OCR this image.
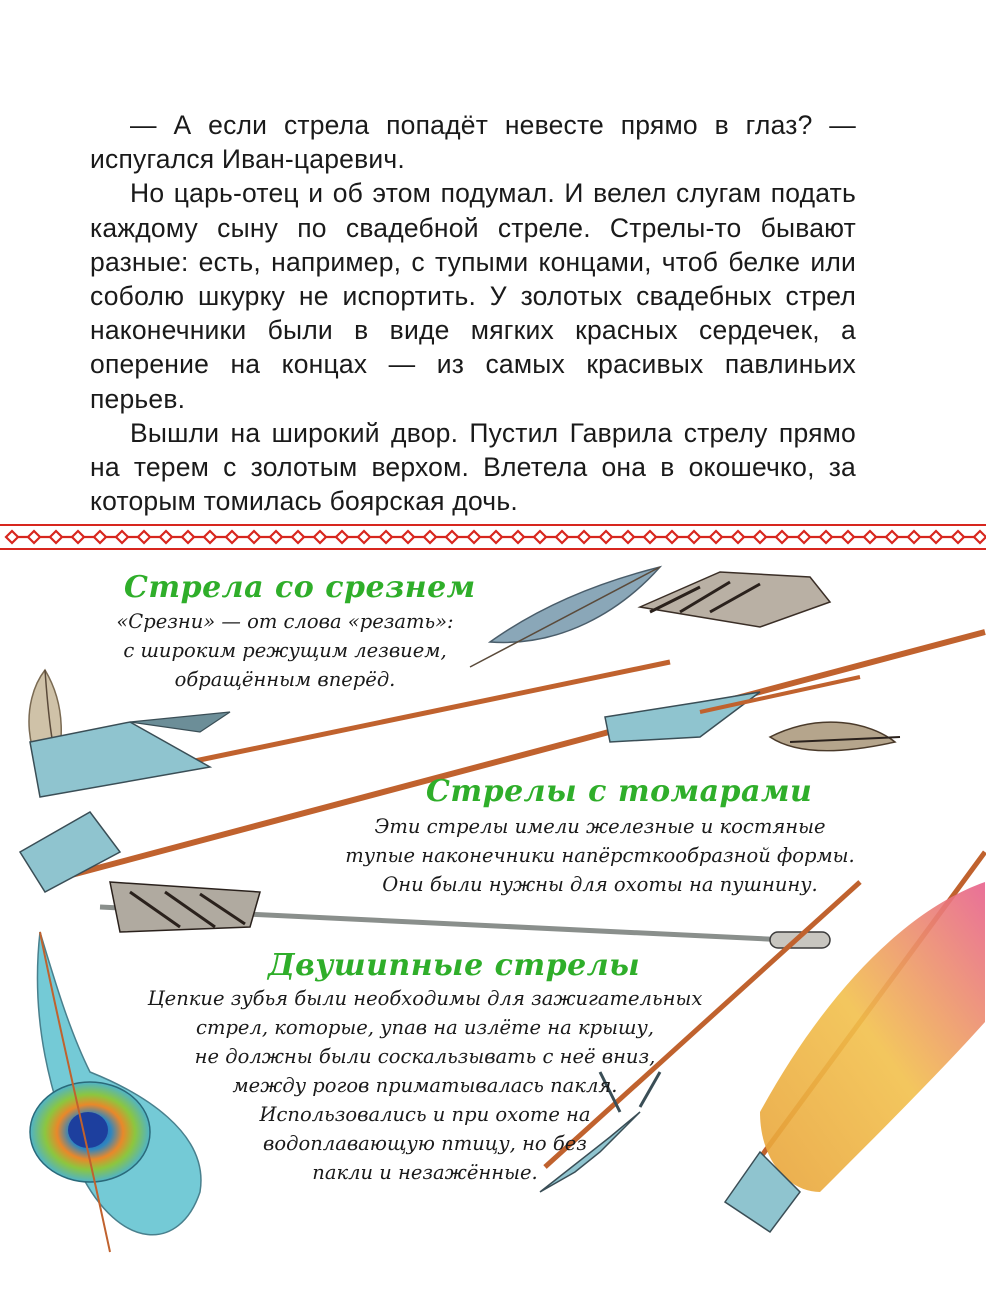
— А если стрела попадёт невесте прямо в глаз? — испугался Иван-царевич.

Но царь-отец и об этом подумал. И велел слугам подать каждому сыну по свадебной стреле. Стрелы-то бывают разные: есть, например, с тупыми концами, чтоб белке или соболю шкурку не испортить. У золотых свадебных стрел наконечники были в виде мягких красных сердечек, а оперение на концах — из самых красивых павлиньих перьев.

Вышли на широкий двор. Пустил Гаврила стрелу прямо на терем с золотым верхом. Влетела она в окошечко, за которым томилась боярская дочь.

Стрела со срезнем
«Срезни» — от слова «резать»:
с широким режущим лезвием,
обращённым вперёд.
Стрелы с томарами
Эти стрелы имели железные и костяные
тупые наконечники напёрсткообразной формы.
Они были нужны для охоты на пушнину.
Двушипные стрелы
Цепкие зубья были необходимы для зажигательных
стрел, которые, упав на излёте на крышу,
не должны были соскальзывать с неё вниз,
между рогов приматывалась пакля.
Использовались и при охоте на
водоплавающую птицу, но без
пакли и незажённые.
